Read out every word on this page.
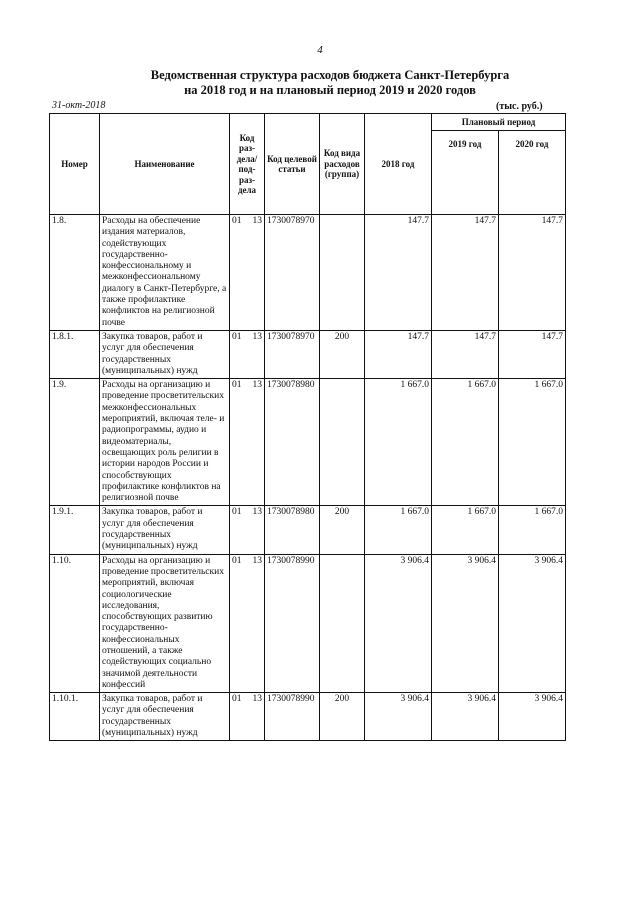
4
Ведомственная структура расходов бюджета Санкт-Петербурга
на 2018 год и на плановый период 2019 и 2020 годов
31-окт-2018	(тыс. руб.)
Номер	Наименование	Код раз- дела/ под- раз- дела	Код целевой статьи	Код вида расходов (группа)	2018 год	Плановый период	
						2019 год	2020 год
1.8.	Расходы на обеспечение издания материалов, содействующих государственно-конфессиональному и межконфессиональному диалогу в Санкт-Петербурге, а также профилактике конфликтов на религиозной почве	01 13	1730078970		147.7	147.7	147.7
1.8.1.	Закупка товаров, работ и услуг для обеспечения государственных (муниципальных) нужд	01 13	1730078970	200	147.7	147.7	147.7
1.9.	Расходы на организацию и проведение просветительских межконфессиональных мероприятий, включая теле- и радиопрограммы, аудио и видеоматериалы, освещающих роль религии в истории народов России и способствующих профилактике конфликтов на религиозной почве	01 13	1730078980		1 667.0	1 667.0	1 667.0
1.9.1.	Закупка товаров, работ и услуг для обеспечения государственных (муниципальных) нужд	01 13	1730078980	200	1 667.0	1 667.0	1 667.0
1.10.	Расходы на организацию и проведение просветительских мероприятий, включая социологические исследования, способствующих развитию государственно-конфессиональных отношений, а также содействующих социально значимой деятельности конфессий	01 13	1730078990		3 906.4	3 906.4	3 906.4
1.10.1.	Закупка товаров, работ и услуг для обеспечения государственных (муниципальных) нужд	01 13	1730078990	200	3 906.4	3 906.4	3 906.4
